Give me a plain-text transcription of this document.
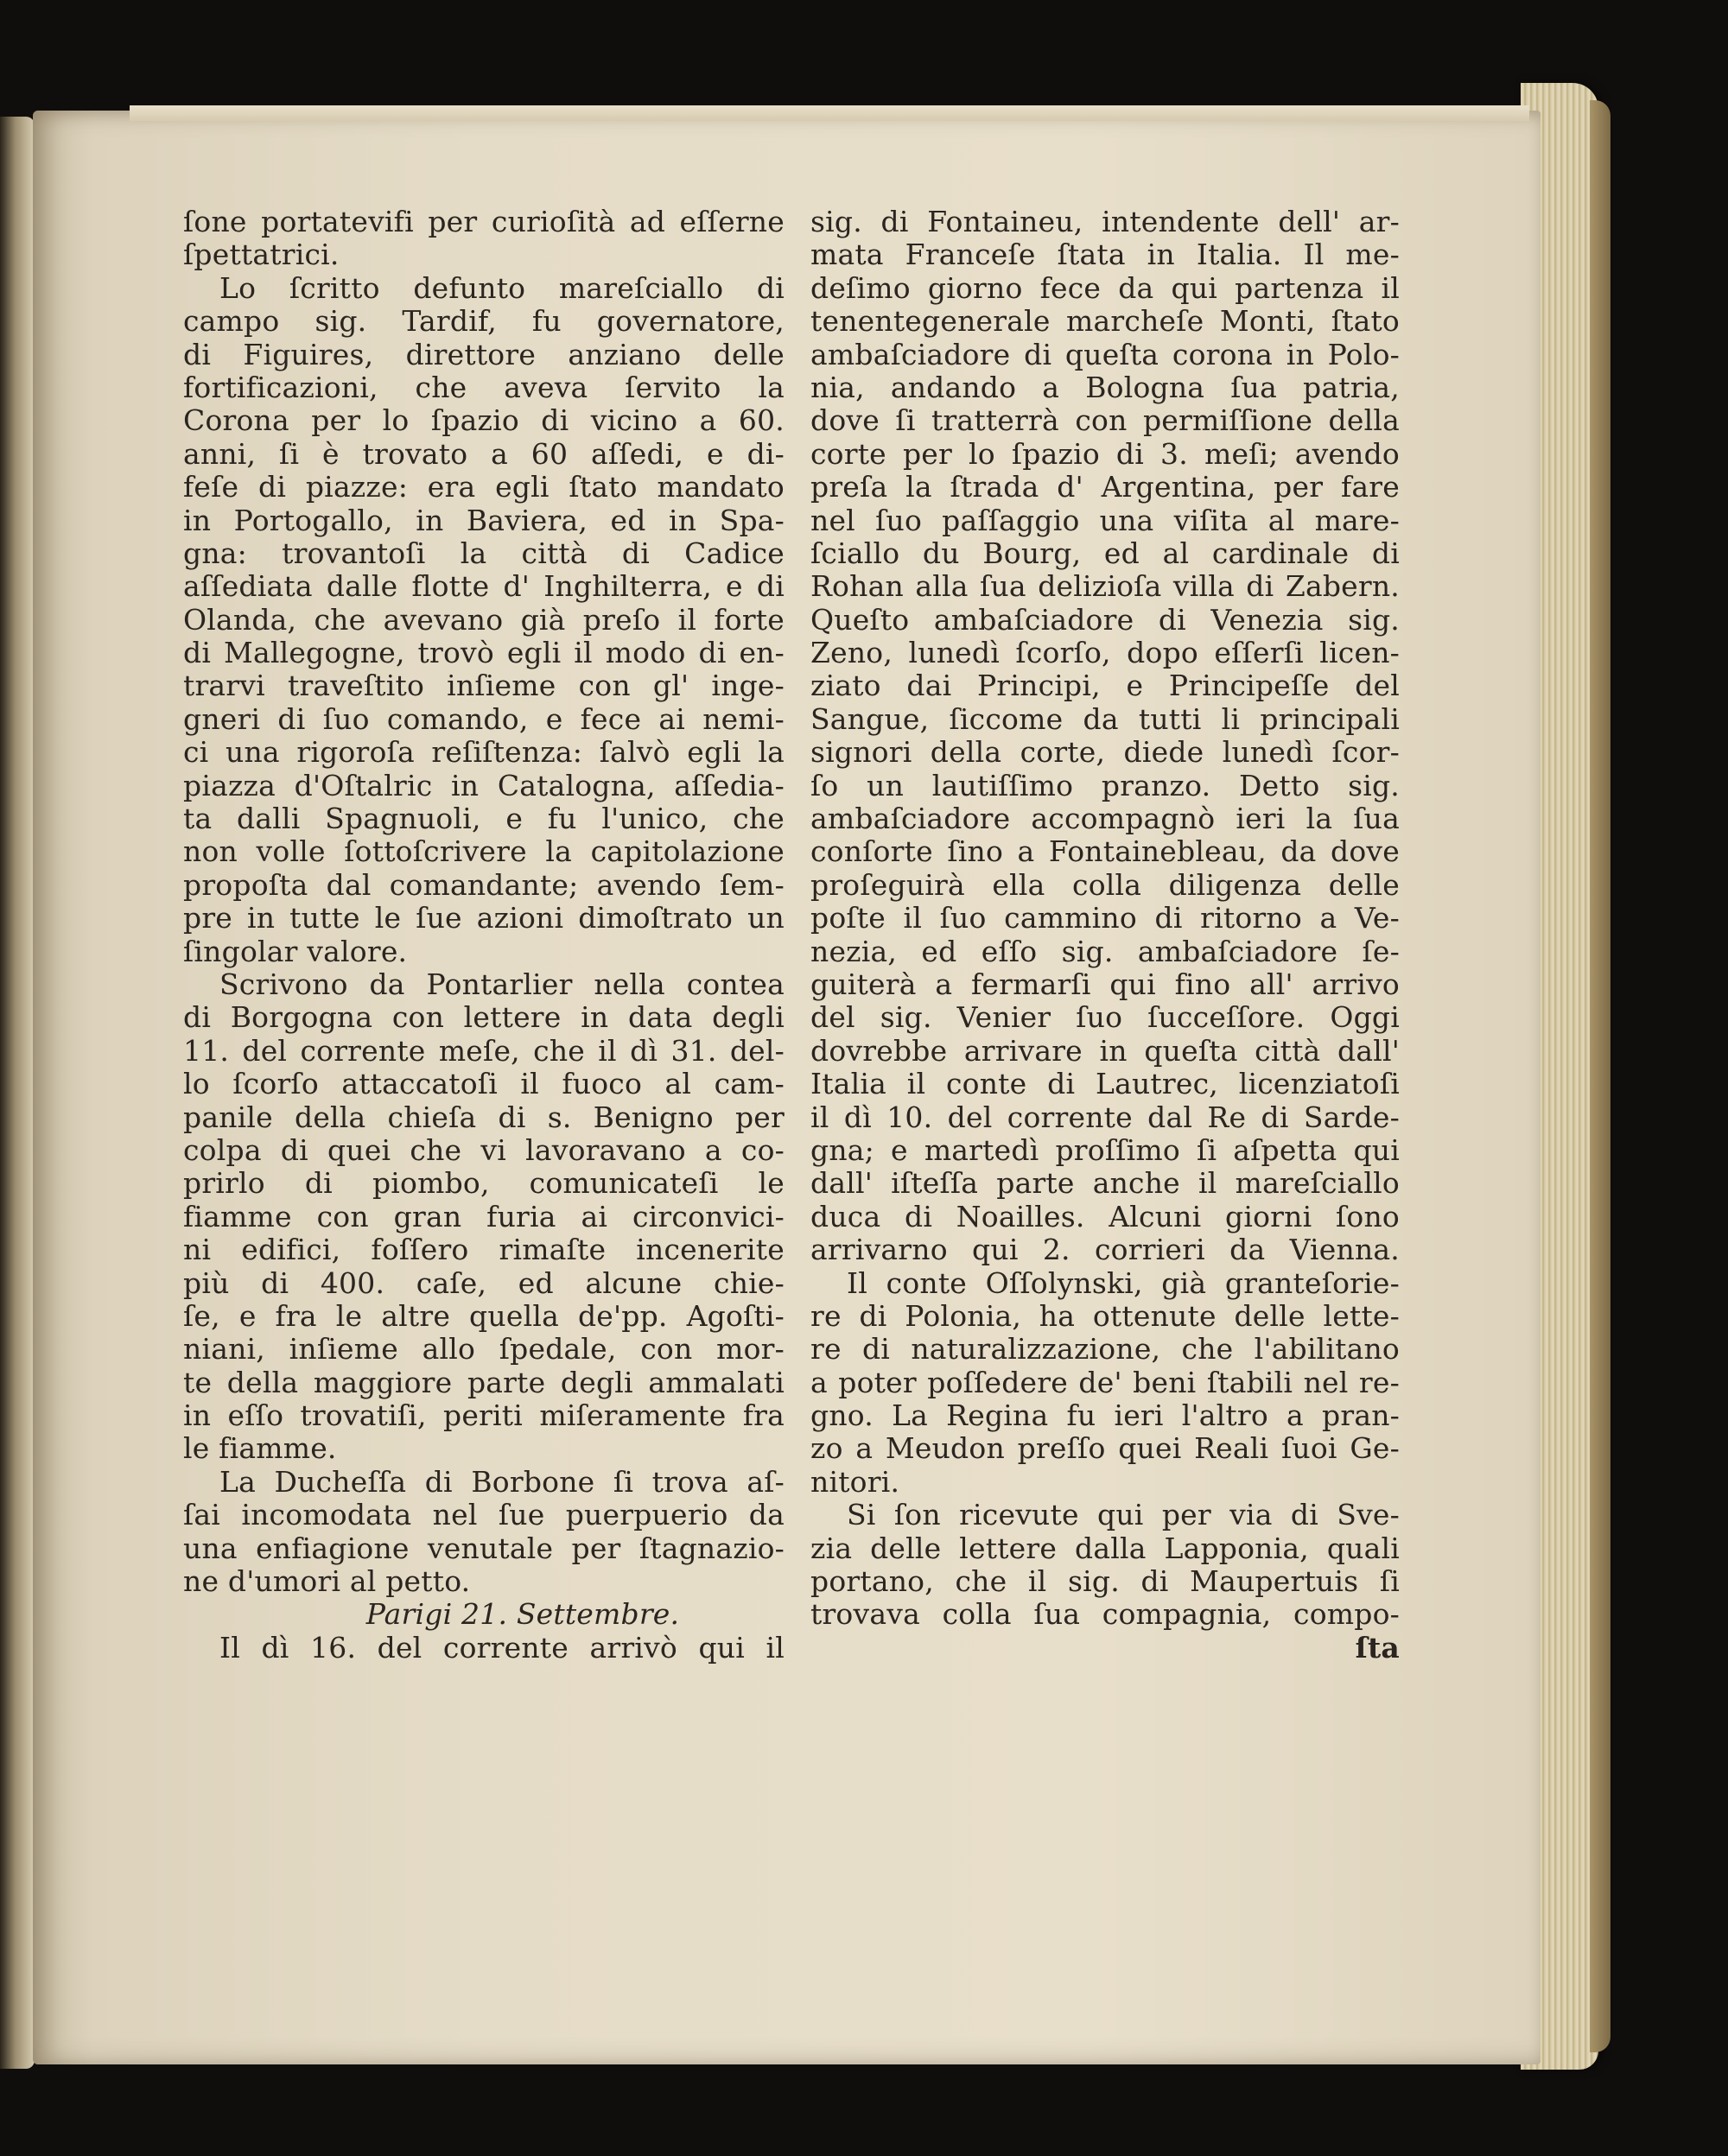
ſone portatevifi per curioſità ad eſſerne
ſpettatrici.
Lo ſcritto defunto mareſciallo di
campo sig. Tardif, fu governatore,
di Figuires, direttore anziano delle
fortificazioni, che aveva ſervito la
Corona per lo ſpazio di vicino a 60.
anni, ſi è trovato a 60 aſſedi, e di-
feſe di piazze: era egli ſtato mandato
in Portogallo, in Baviera, ed in Spa-
gna: trovantoſi la città di Cadice
aſſediata dalle flotte d' Inghilterra, e di
Olanda, che avevano già preſo il forte
di Mallegogne, trovò egli il modo di en-
trarvi traveſtito inſieme con gl' inge-
gneri di ſuo comando, e fece ai nemi-
ci una rigoroſa reſiſtenza: ſalvò egli la
piazza d'Oſtalric in Catalogna, aſſedia-
ta dalli Spagnuoli, e fu l'unico, che
non volle ſottoſcrivere la capitolazione
propoſta dal comandante; avendo ſem-
pre in tutte le ſue azioni dimoſtrato un
ſingolar valore.
Scrivono da Pontarlier nella contea
di Borgogna con lettere in data degli
11. del corrente meſe, che il dì 31. del-
lo ſcorſo attaccatoſi il fuoco al cam-
panile della chieſa di s. Benigno per
colpa di quei che vi lavoravano a co-
prirlo di piombo, comunicateſi le
fiamme con gran furia ai circonvici-
ni edifici, foſſero rimaſte incenerite
più di 400. caſe, ed alcune chie-
ſe, e fra le altre quella de'pp. Agoſti-
niani, inſieme allo ſpedale, con mor-
te della maggiore parte degli ammalati
in eſſo trovatiſi, periti miſeramente fra
le fiamme.
La Ducheſſa di Borbone ſi trova aſ-
ſai incomodata nel ſue puerpuerio da
una enfiagione venutale per ſtagnazio-
ne d'umori al petto.
Parigi 21. Settembre.
Il dì 16. del corrente arrivò qui il
sig. di Fontaineu, intendente dell' ar-
mata Franceſe ſtata in Italia. Il me-
deſimo giorno fece da qui partenza il
tenentegenerale marcheſe Monti, ſtato
ambaſciadore di queſta corona in Polo-
nia, andando a Bologna ſua patria,
dove ſi tratterrà con permiſſione della
corte per lo ſpazio di 3. meſi; avendo
preſa la ſtrada d' Argentina, per fare
nel ſuo paſſaggio una viſita al mare-
ſciallo du Bourg, ed al cardinale di
Rohan alla ſua delizioſa villa di Zabern.
Queſto ambaſciadore di Venezia sig.
Zeno, lunedì ſcorſo, dopo eſſerſi licen-
ziato dai Principi, e Principeſſe del
Sangue, ſiccome da tutti li principali
signori della corte, diede lunedì ſcor-
ſo un lautiſſimo pranzo. Detto sig.
ambaſciadore accompagnò ieri la ſua
conſorte ſino a Fontainebleau, da dove
proſeguirà ella colla diligenza delle
poſte il ſuo cammino di ritorno a Ve-
nezia, ed eſſo sig. ambaſciadore ſe-
guiterà a fermarſi qui fino all' arrivo
del sig. Venier ſuo ſucceſſore. Oggi
dovrebbe arrivare in queſta città dall'
Italia il conte di Lautrec, licenziatoſi
il dì 10. del corrente dal Re di Sarde-
gna; e martedì proſſimo ſi aſpetta qui
dall' iſteſſa parte anche il mareſciallo
duca di Noailles. Alcuni giorni ſono
arrivarno qui 2. corrieri da Vienna.
Il conte Oſſolynski, già granteſorie-
re di Polonia, ha ottenute delle lette-
re di naturalizzazione, che l'abilitano
a poter poſſedere de' beni ſtabili nel re-
gno. La Regina fu ieri l'altro a pran-
zo a Meudon preſſo quei Reali ſuoi Ge-
nitori.
Si ſon ricevute qui per via di Sve-
zia delle lettere dalla Lapponia, quali
portano, che il sig. di Maupertuis ſi
trovava colla ſua compagnia, compo-
ſta
